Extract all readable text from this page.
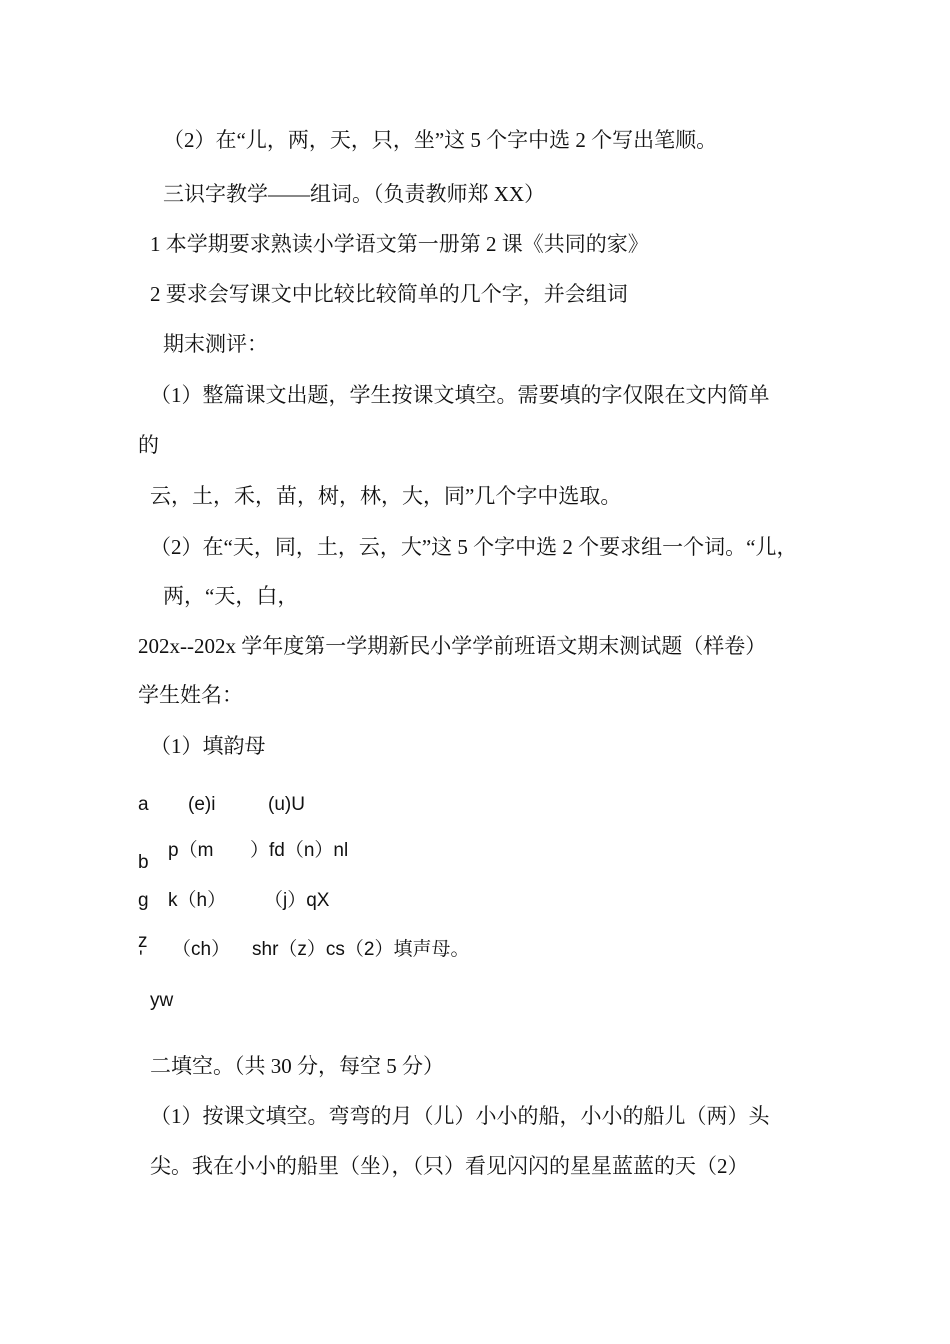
（2）在“儿，两，天，只，坐”这 5 个字中选 2 个写出笔顺。
三识字教学——组词。（负责教师郑 XX）
1 本学期要求熟读小学语文第一册第 2 课《共同的家》
2 要求会写课文中比较比较简单的几个字，并会组词
期末测评：
（1）整篇课文出题，学生按课文填空。需要填的字仅限在文内简单
的
云，土，禾，苗，树，林，大，同”几个字中选取。
（2）在“天，同，土，云，大”这 5 个字中选 2 个要求组一个词。“儿，
两，“天，白，
202x--202x 学年度第一学期新民小学学前班语文期末测试题（样卷）
学生姓名：
（1）填韵母
a (e)i	(u)U
b
p（m ）fd（n）nl
g k（h） （j）qX
z
' （ch） shr（z）cs（2）填声母。
yw
二填空。（共 30 分，每空 5 分）
（1）按课文填空。弯弯的月（儿）小小的船，小小的船儿（两）头
尖。我在小小的船里（坐），（只）看见闪闪的星星蓝蓝的天（2）
